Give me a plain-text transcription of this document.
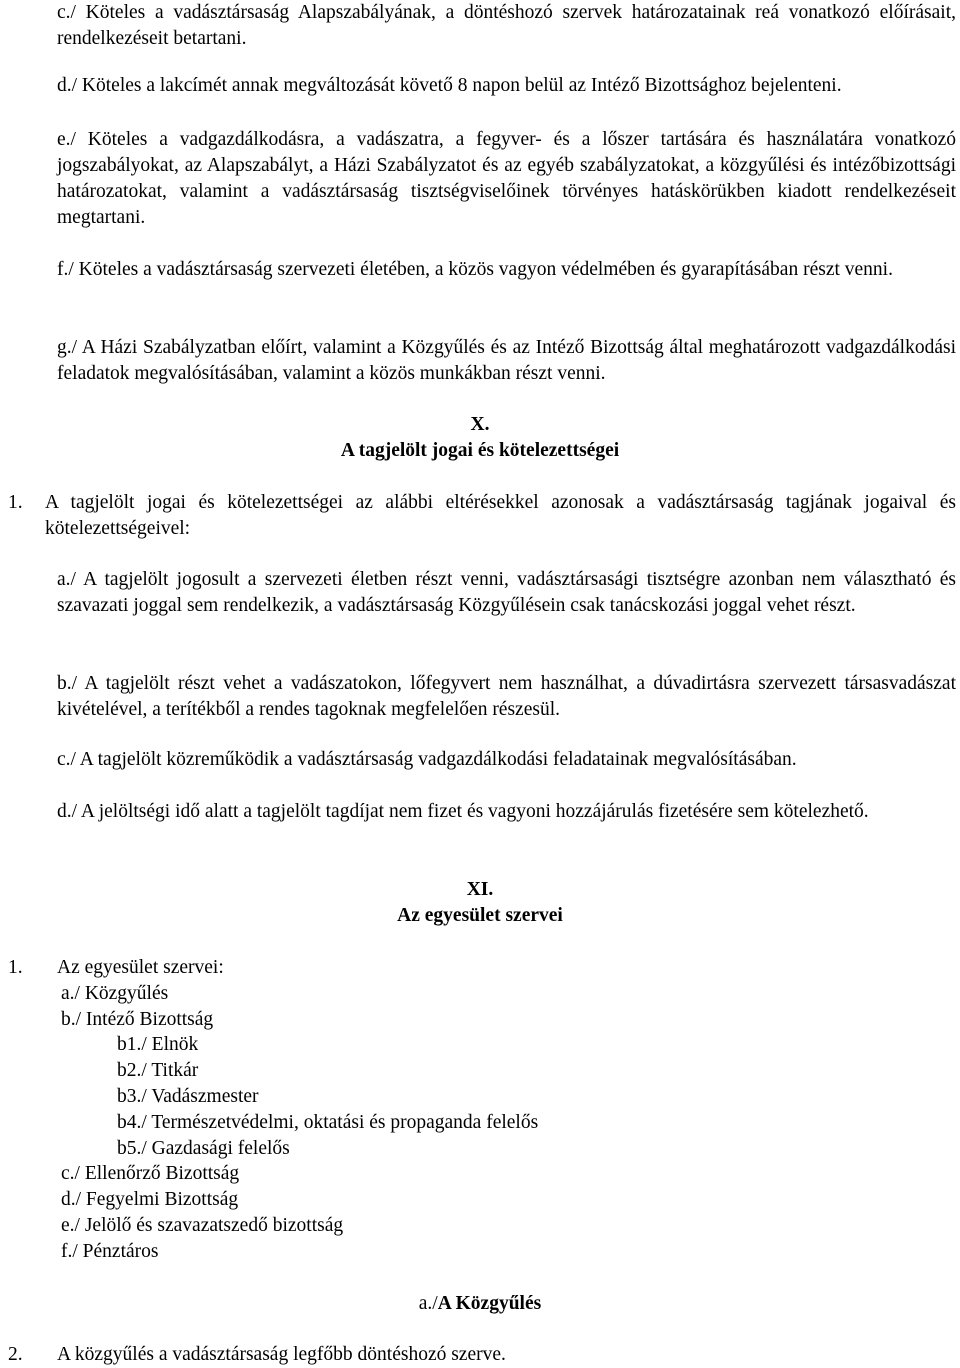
c./ Köteles a vadásztársaság Alapszabályának, a döntéshozó szervek határozatainak reá vonatkozó előírásait, rendelkezéseit betartani.

d./ Köteles a lakcímét annak megváltozását követő 8 napon belül az Intéző Bizottsághoz bejelenteni.

e./ Köteles a vadgazdálkodásra, a vadászatra, a fegyver- és a lőszer tartására és használatára vonatkozó jogszabályokat, az Alapszabályt, a Házi Szabályzatot és az egyéb szabályzatokat, a közgyűlési és intézőbizottsági határozatokat, valamint a vadásztársaság tisztségviselőinek törvényes hatáskörükben kiadott rendelkezéseit megtartani.

f./ Köteles a vadásztársaság szervezeti életében, a közös vagyon védelmében és gyarapításában részt venni.

g./ A Házi Szabályzatban előírt, valamint a Közgyűlés és az Intéző Bizottság által meghatározott vadgazdálkodási feladatok megvalósításában, valamint a közös munkákban részt venni.

X.
A tagjelölt jogai és kötelezettségei
1. A tagjelölt jogai és kötelezettségei az alábbi eltérésekkel azonosak a vadásztársaság tagjának jogaival és kötelezettségeivel:

a./ A tagjelölt jogosult a szervezeti életben részt venni, vadásztársasági tisztségre azonban nem választható és szavazati joggal sem rendelkezik, a vadásztársaság Közgyűlésein csak tanácskozási joggal vehet részt.

b./ A tagjelölt részt vehet a vadászatokon, lőfegyvert nem használhat, a dúvadirtásra szervezett társasvadászat kivételével, a terítékből a rendes tagoknak megfelelően részesül.

c./ A tagjelölt közreműködik a vadásztársaság vadgazdálkodási feladatainak megvalósításában.

d./ A jelöltségi idő alatt a tagjelölt tagdíjat nem fizet és vagyoni hozzájárulás fizetésére sem kötelezhető.

XI.
Az egyesület szervei
1. Az egyesület szervei:
a./ Közgyűlés
b./ Intéző Bizottság
b1./ Elnök
b2./ Titkár
b3./ Vadászmester
b4./ Természetvédelmi, oktatási és propaganda felelős
b5./ Gazdasági felelős
c./ Ellenőrző Bizottság
d./ Fegyelmi Bizottság
e./ Jelölő és szavazatszedő bizottság
f./ Pénztáros
a./A Közgyűlés
2. A közgyűlés a vadásztársaság legfőbb döntéshozó szerve.
